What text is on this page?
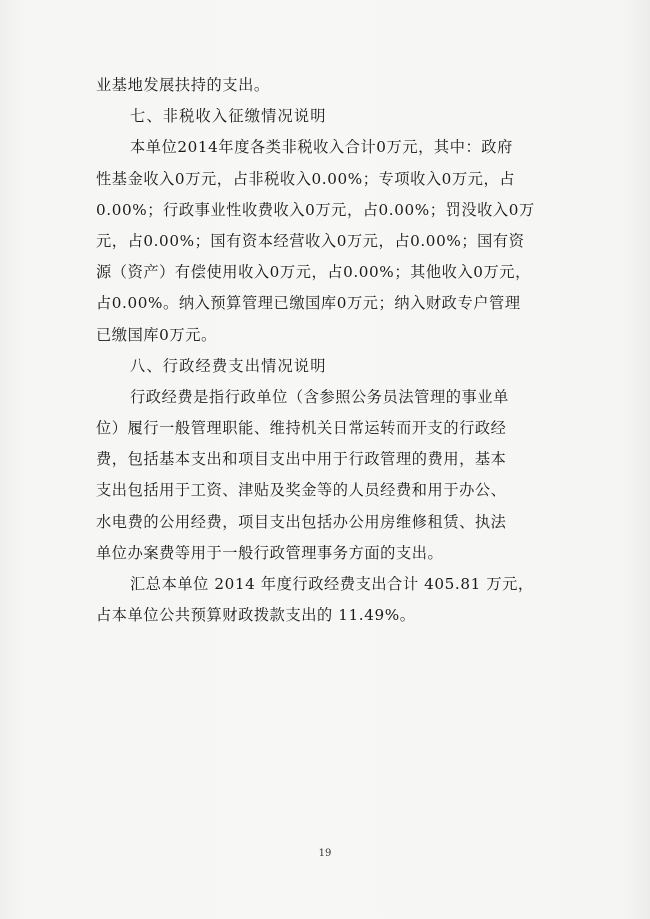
业基地发展扶持的支出。
七、非税收入征缴情况说明
本单位2014年度各类非税收入合计0万元，其中：政府
性基金收入0万元，占非税收入0.00%；专项收入0万元，占
0.00%；行政事业性收费收入0万元，占0.00%；罚没收入0万
元，占0.00%；国有资本经营收入0万元，占0.00%；国有资
源（资产）有偿使用收入0万元，占0.00%；其他收入0万元，
占0.00%。纳入预算管理已缴国库0万元；纳入财政专户管理
已缴国库0万元。
八、行政经费支出情况说明
行政经费是指行政单位（含参照公务员法管理的事业单
位）履行一般管理职能、维持机关日常运转而开支的行政经
费，包括基本支出和项目支出中用于行政管理的费用，基本
支出包括用于工资、津贴及奖金等的人员经费和用于办公、
水电费的公用经费，项目支出包括办公用房维修租赁、执法
单位办案费等用于一般行政管理事务方面的支出。
汇总本单位 2014 年度行政经费支出合计 405.81 万元，
占本单位公共预算财政拨款支出的 11.49%。
19
